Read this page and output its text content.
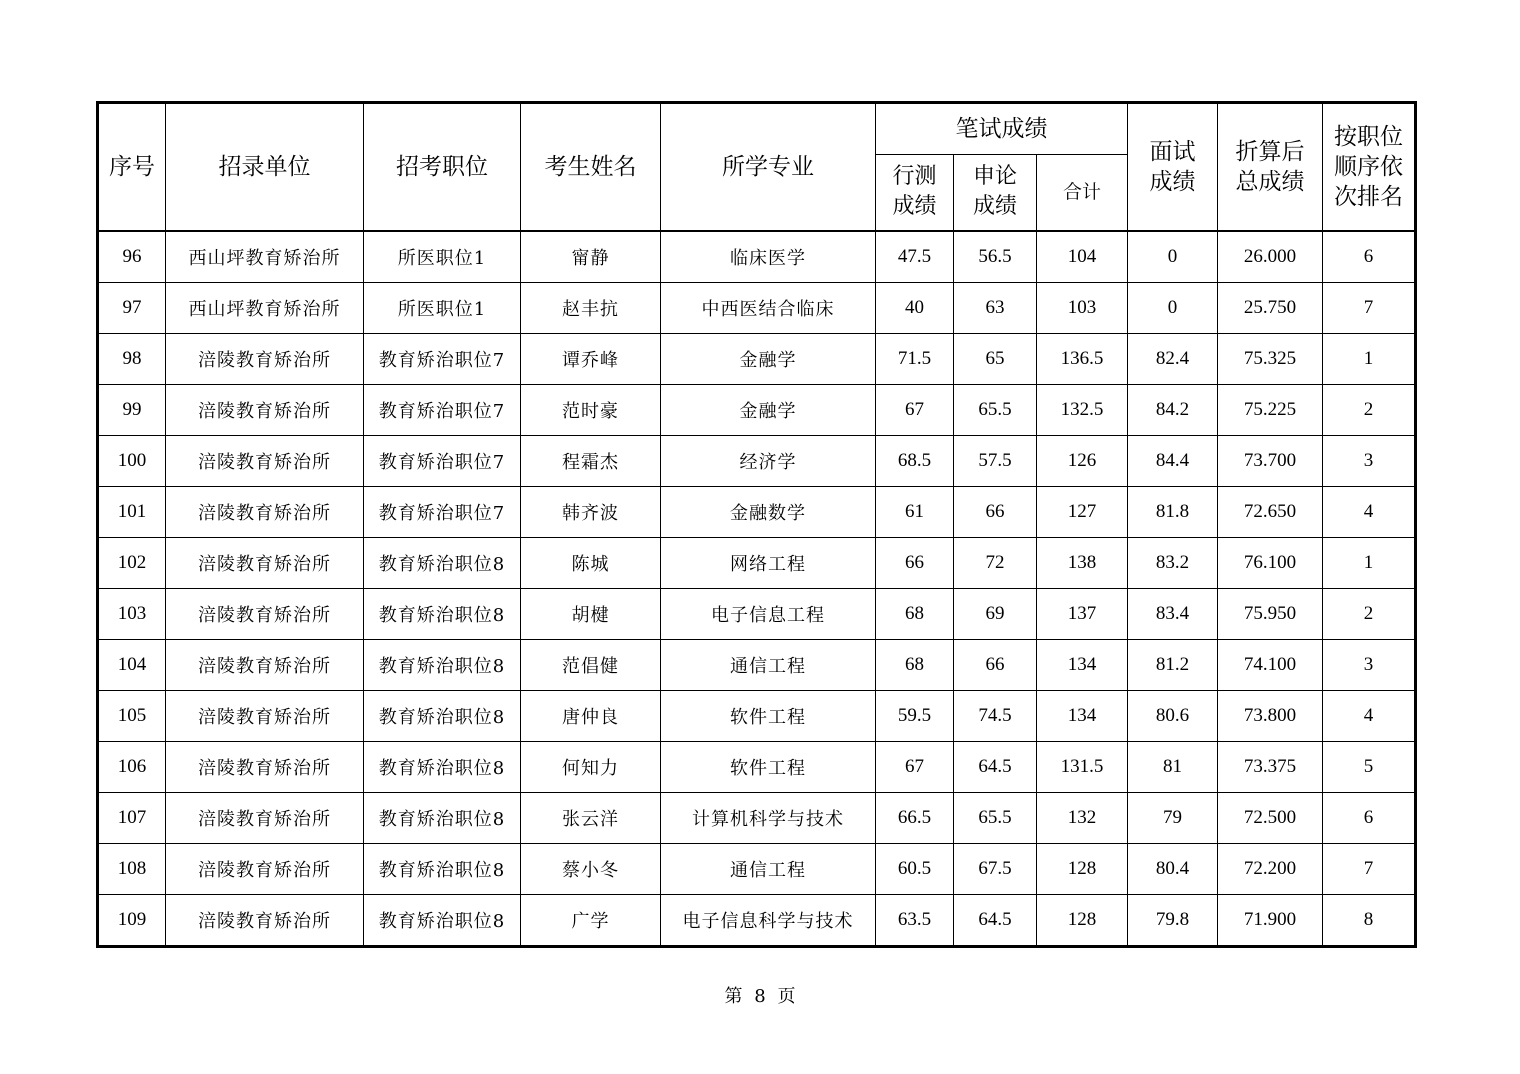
序号	招录单位	招考职位	考生姓名	所学专业	笔试成绩			面试成绩	折算后总成绩	按职位顺序依次排名
					行测成绩	申论成绩	合计			
96	西山坪教育矫治所	所医职位1	甯静	临床医学	47.5	56.5	104	0	26.000	6
97	西山坪教育矫治所	所医职位1	赵丰抗	中西医结合临床	40	63	103	0	25.750	7
98	涪陵教育矫治所	教育矫治职位7	谭乔峰	金融学	71.5	65	136.5	82.4	75.325	1
99	涪陵教育矫治所	教育矫治职位7	范时豪	金融学	67	65.5	132.5	84.2	75.225	2
100	涪陵教育矫治所	教育矫治职位7	程霜杰	经济学	68.5	57.5	126	84.4	73.700	3
101	涪陵教育矫治所	教育矫治职位7	韩齐波	金融数学	61	66	127	81.8	72.650	4
102	涪陵教育矫治所	教育矫治职位8	陈城	网络工程	66	72	138	83.2	76.100	1
103	涪陵教育矫治所	教育矫治职位8	胡楗	电子信息工程	68	69	137	83.4	75.950	2
104	涪陵教育矫治所	教育矫治职位8	范倡健	通信工程	68	66	134	81.2	74.100	3
105	涪陵教育矫治所	教育矫治职位8	唐仲良	软件工程	59.5	74.5	134	80.6	73.800	4
106	涪陵教育矫治所	教育矫治职位8	何知力	软件工程	67	64.5	131.5	81	73.375	5
107	涪陵教育矫治所	教育矫治职位8	张云洋	计算机科学与技术	66.5	65.5	132	79	72.500	6
108	涪陵教育矫治所	教育矫治职位8	蔡小冬	通信工程	60.5	67.5	128	80.4	72.200	7
109	涪陵教育矫治所	教育矫治职位8	广学	电子信息科学与技术	63.5	64.5	128	79.8	71.900	8
第 8 页
